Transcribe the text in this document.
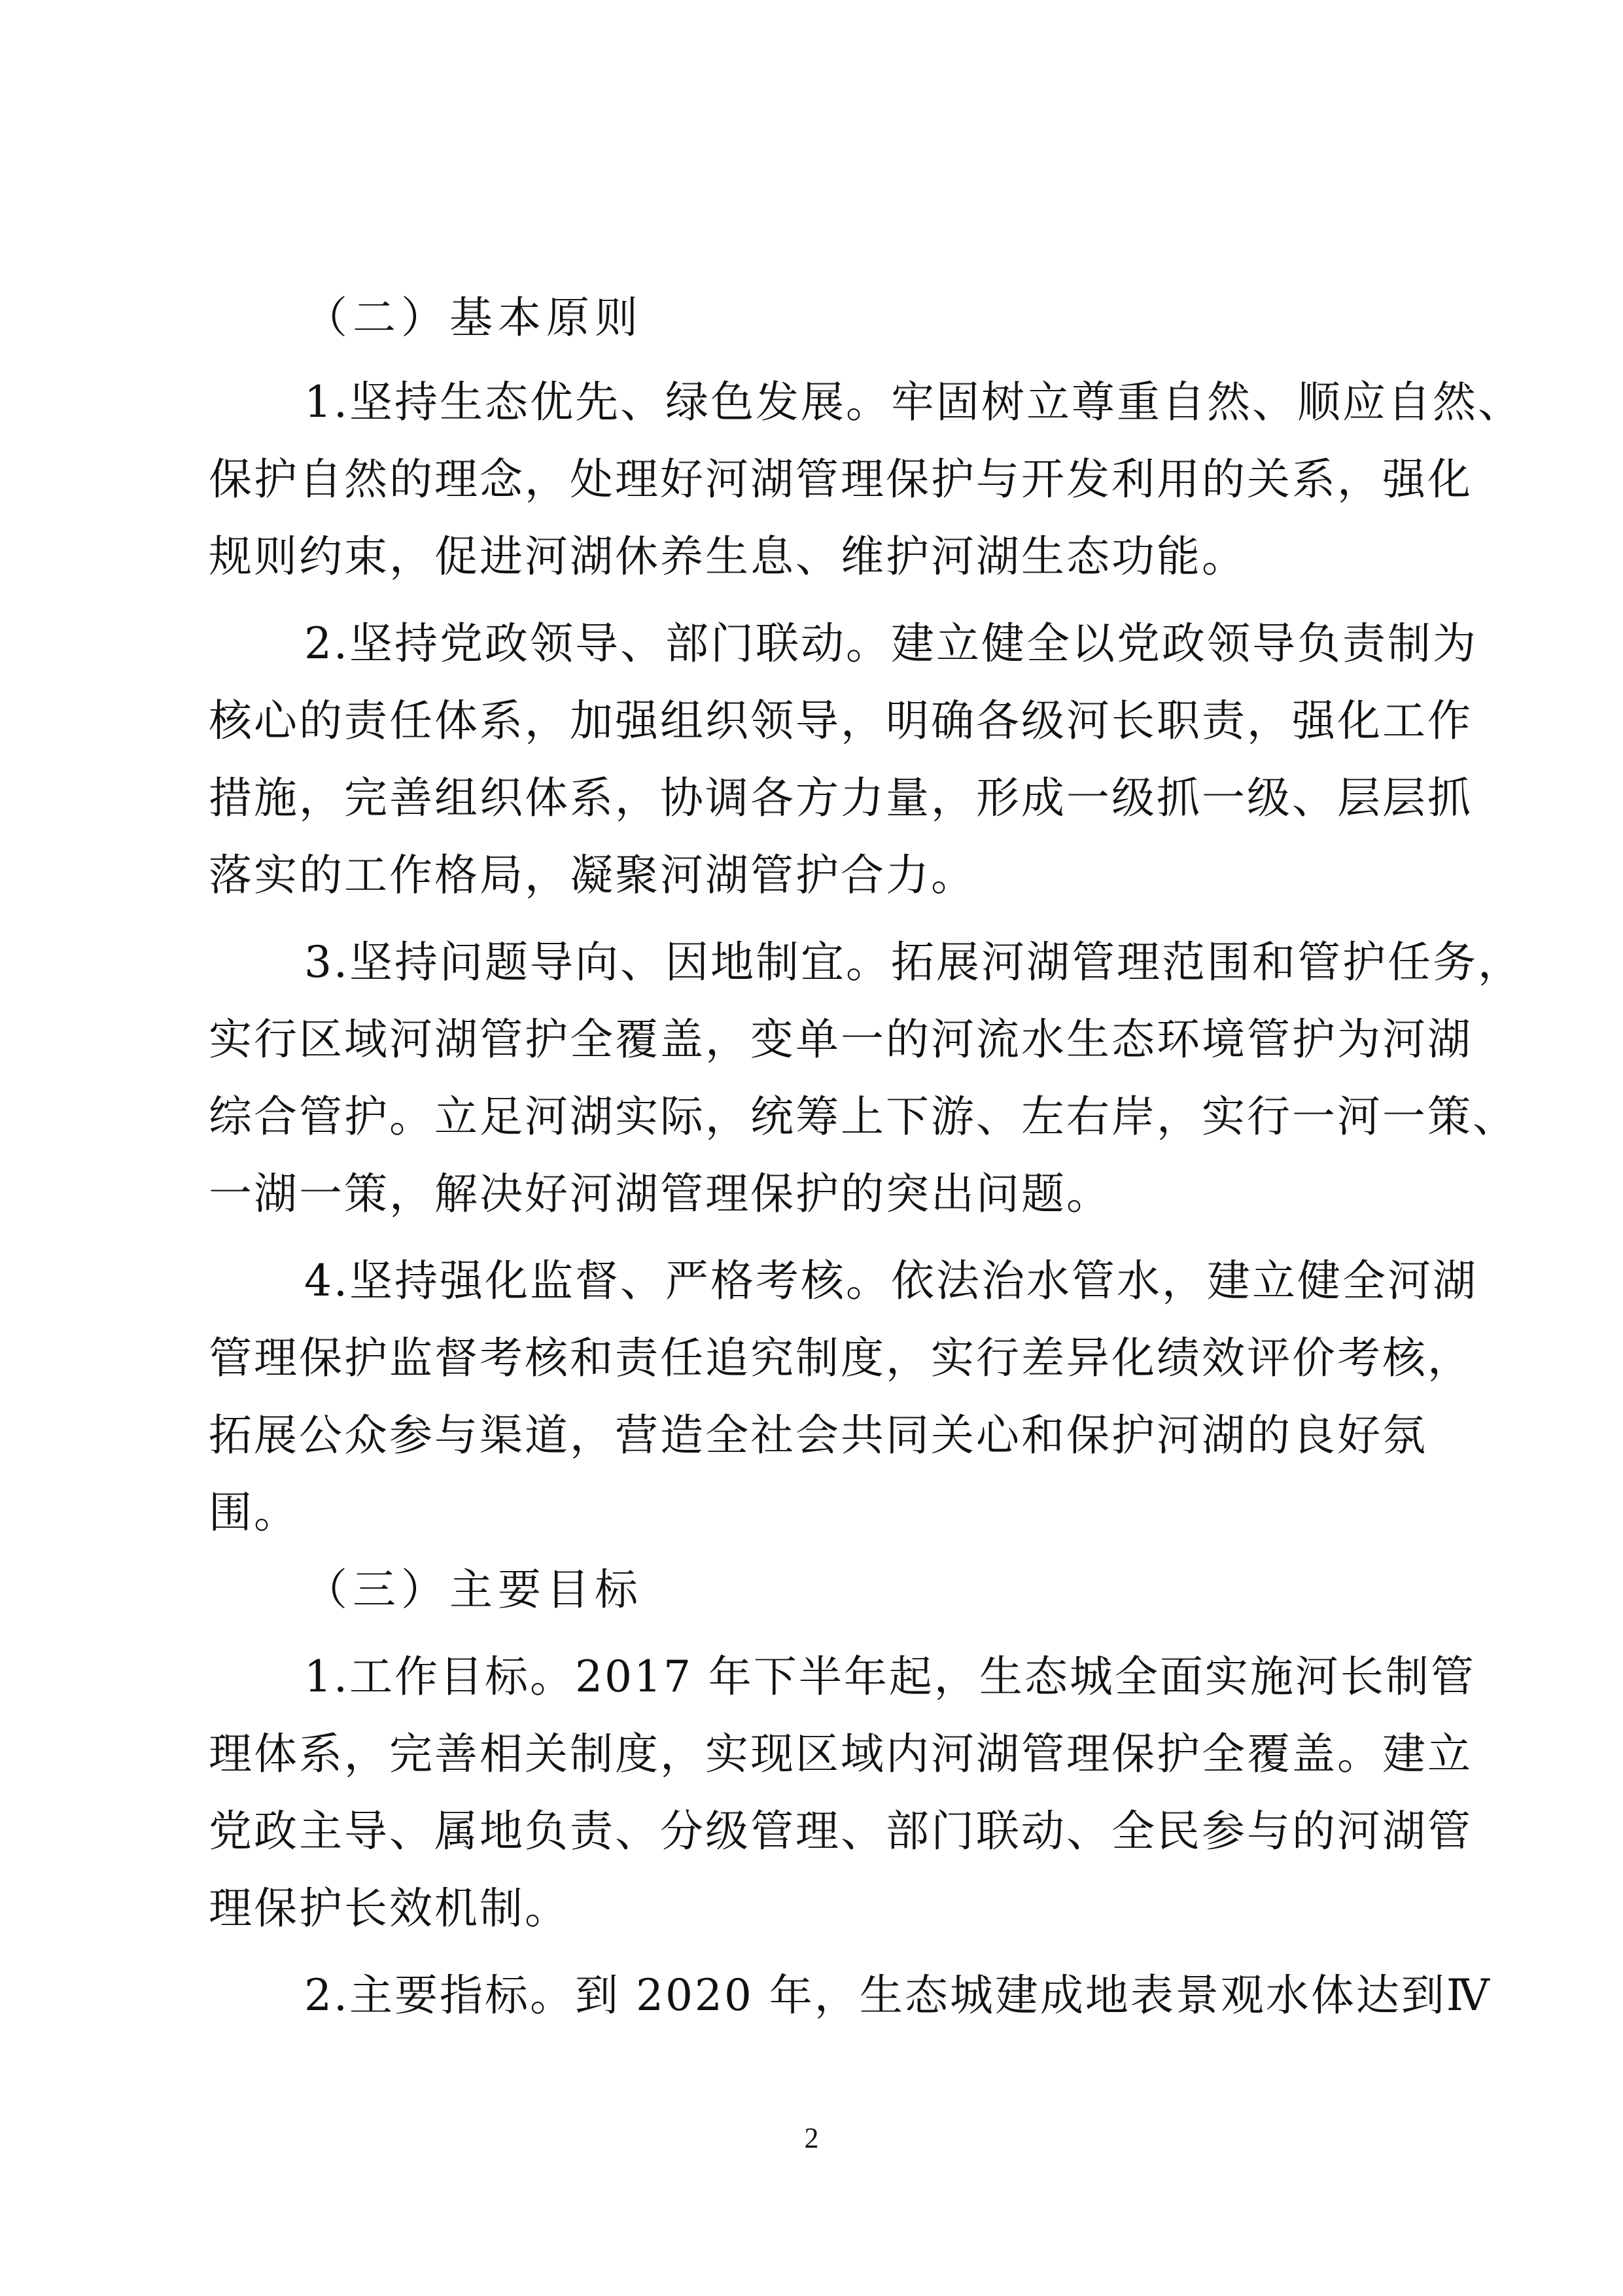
（二）基本原则
1.坚持生态优先、绿色发展。牢固树立尊重自然、顺应自然、
保护自然的理念，处理好河湖管理保护与开发利用的关系，强化
规则约束，促进河湖休养生息、维护河湖生态功能。
2.坚持党政领导、部门联动。建立健全以党政领导负责制为
核心的责任体系，加强组织领导，明确各级河长职责，强化工作
措施，完善组织体系，协调各方力量，形成一级抓一级、层层抓
落实的工作格局，凝聚河湖管护合力。
3.坚持问题导向、因地制宜。拓展河湖管理范围和管护任务，
实行区域河湖管护全覆盖，变单一的河流水生态环境管护为河湖
综合管护。立足河湖实际，统筹上下游、左右岸，实行一河一策、
一湖一策，解决好河湖管理保护的突出问题。
4.坚持强化监督、严格考核。依法治水管水，建立健全河湖
管理保护监督考核和责任追究制度，实行差异化绩效评价考核，
拓展公众参与渠道，营造全社会共同关心和保护河湖的良好氛
围。
（三）主要目标
1.工作目标。2017 年下半年起，生态城全面实施河长制管
理体系，完善相关制度，实现区域内河湖管理保护全覆盖。建立
党政主导、属地负责、分级管理、部门联动、全民参与的河湖管
理保护长效机制。
2.主要指标。到 2020 年，生态城建成地表景观水体达到Ⅳ
2
